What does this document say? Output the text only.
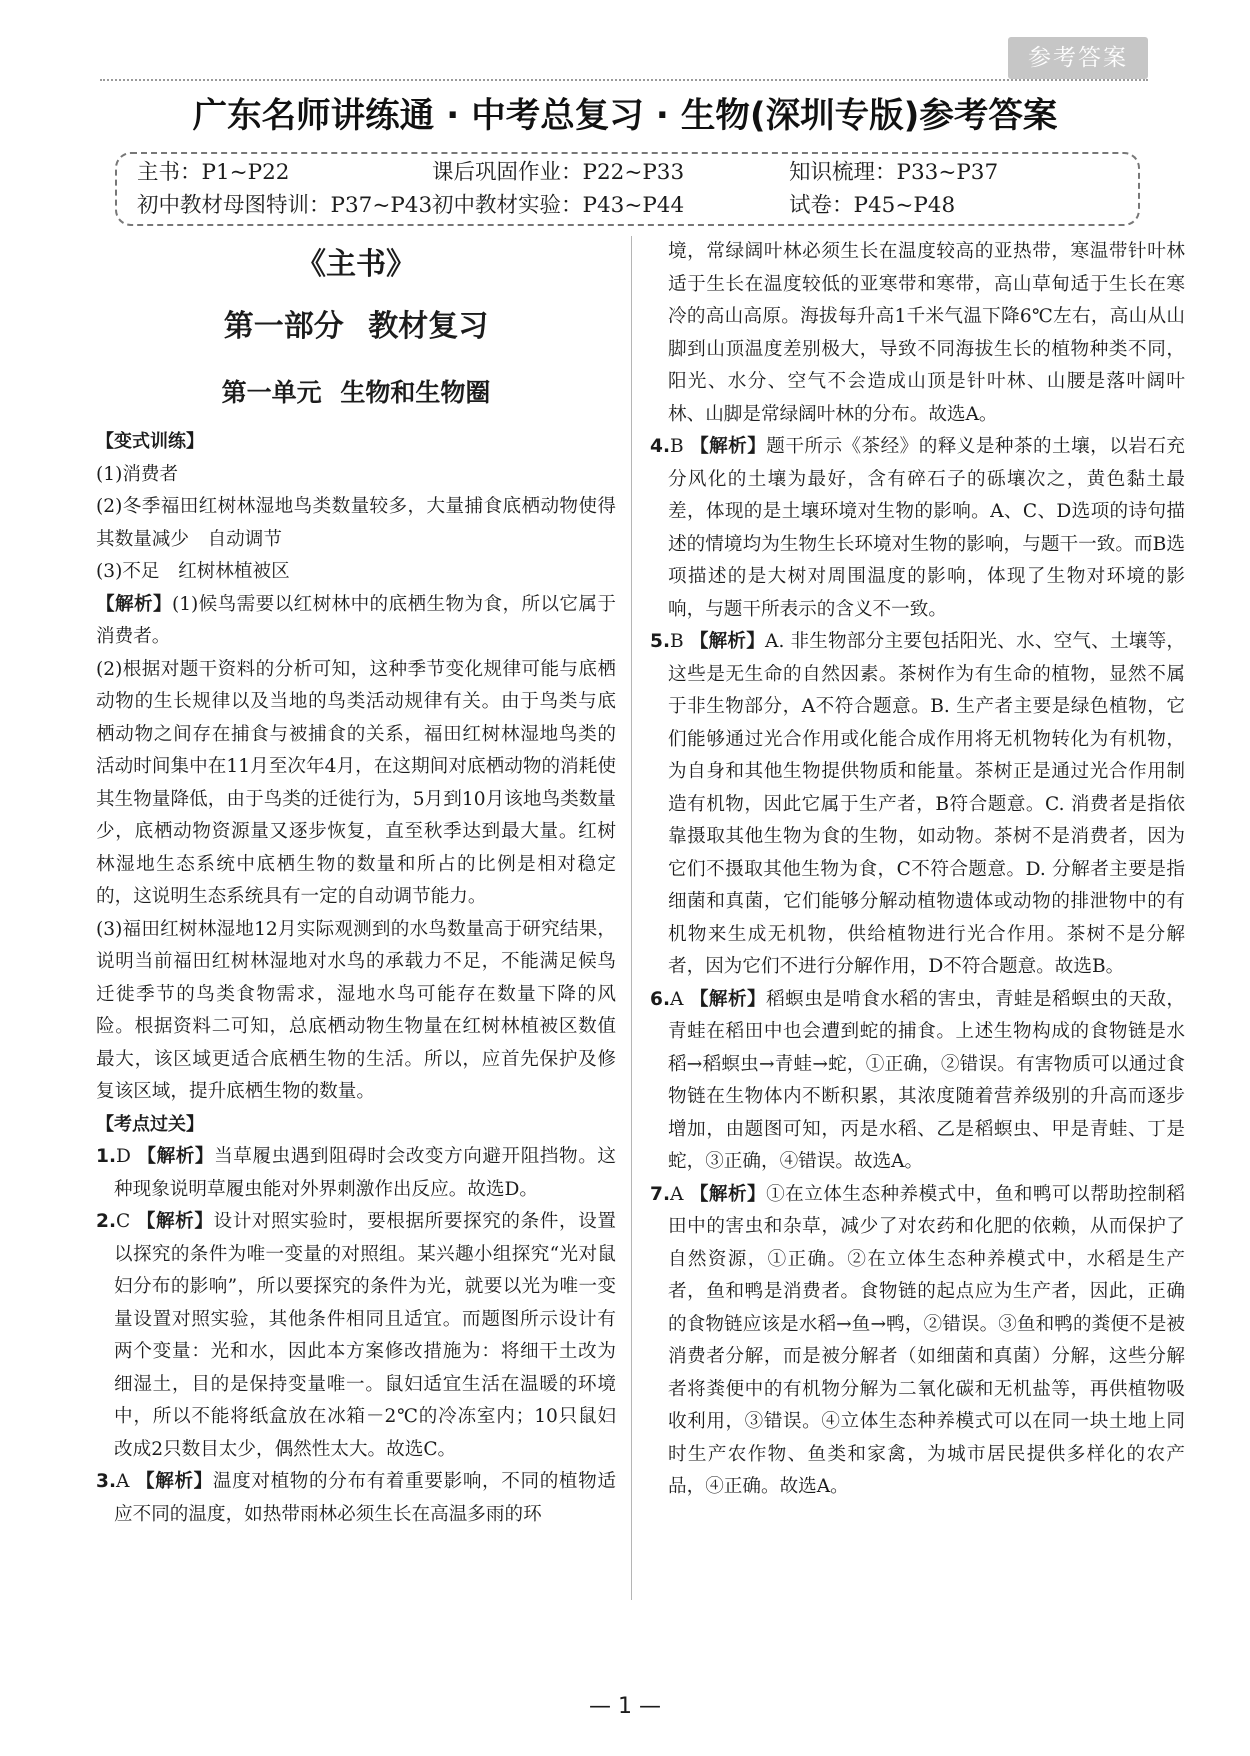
参考答案
广东名师讲练通 · 中考总复习 · 生物(深圳专版)参考答案
主书：P1~P22	课后巩固作业：P22~P33	知识梳理：P33~P37
初中教材母图特训：P37~P43 初中教材实验：P43~P44	试卷：P45~P48

《主书》

第一部分 教材复习

第一单元 生物和生物圈

【变式训练】

(1)消费者

(2)冬季福田红树林湿地鸟类数量较多，大量捕食底栖动物使得其数量减少　自动调节

(3)不足　红树林植被区

【解析】(1)候鸟需要以红树林中的底栖生物为食，所以它属于消费者。

(2)根据对题干资料的分析可知，这种季节变化规律可能与底栖动物的生长规律以及当地的鸟类活动规律有关。由于鸟类与底栖动物之间存在捕食与被捕食的关系，福田红树林湿地鸟类的活动时间集中在11月至次年4月，在这期间对底栖动物的消耗使其生物量降低，由于鸟类的迁徙行为，5月到10月该地鸟类数量少，底栖动物资源量又逐步恢复，直至秋季达到最大量。红树林湿地生态系统中底栖生物的数量和所占的比例是相对稳定的，这说明生态系统具有一定的自动调节能力。

(3)福田红树林湿地12月实际观测到的水鸟数量高于研究结果，说明当前福田红树林湿地对水鸟的承载力不足，不能满足候鸟迁徙季节的鸟类食物需求，湿地水鸟可能存在数量下降的风险。根据资料二可知，总底栖动物生物量在红树林植被区数值最大，该区域更适合底栖生物的生活。所以，应首先保护及修复该区域，提升底栖生物的数量。

【考点过关】

1.D 【解析】当草履虫遇到阻碍时会改变方向避开阻挡物。这种现象说明草履虫能对外界刺激作出反应。故选D。

2.C 【解析】设计对照实验时，要根据所要探究的条件，设置以探究的条件为唯一变量的对照组。某兴趣小组探究“光对鼠妇分布的影响”，所以要探究的条件为光，就要以光为唯一变量设置对照实验，其他条件相同且适宜。而题图所示设计有两个变量：光和水，因此本方案修改措施为：将细干土改为细湿土，目的是保持变量唯一。鼠妇适宜生活在温暖的环境中，所以不能将纸盒放在冰箱－2℃的冷冻室内；10只鼠妇改成2只数目太少，偶然性太大。故选C。

3.A 【解析】温度对植物的分布有着重要影响，不同的植物适应不同的温度，如热带雨林必须生长在高温多雨的环

境，常绿阔叶林必须生长在温度较高的亚热带，寒温带针叶林适于生长在温度较低的亚寒带和寒带，高山草甸适于生长在寒冷的高山高原。海拔每升高1千米气温下降6℃左右，高山从山脚到山顶温度差别极大，导致不同海拔生长的植物种类不同，阳光、水分、空气不会造成山顶是针叶林、山腰是落叶阔叶林、山脚是常绿阔叶林的分布。故选A。

4.B 【解析】题干所示《茶经》的释义是种茶的土壤，以岩石充分风化的土壤为最好，含有碎石子的砾壤次之，黄色黏土最差，体现的是土壤环境对生物的影响。A、C、D选项的诗句描述的情境均为生物生长环境对生物的影响，与题干一致。而B选项描述的是大树对周围温度的影响，体现了生物对环境的影响，与题干所表示的含义不一致。

5.B 【解析】A. 非生物部分主要包括阳光、水、空气、土壤等，这些是无生命的自然因素。茶树作为有生命的植物，显然不属于非生物部分，A不符合题意。B. 生产者主要是绿色植物，它们能够通过光合作用或化能合成作用将无机物转化为有机物，为自身和其他生物提供物质和能量。茶树正是通过光合作用制造有机物，因此它属于生产者，B符合题意。C. 消费者是指依靠摄取其他生物为食的生物，如动物。茶树不是消费者，因为它们不摄取其他生物为食，C不符合题意。D. 分解者主要是指细菌和真菌，它们能够分解动植物遗体或动物的排泄物中的有机物来生成无机物，供给植物进行光合作用。茶树不是分解者，因为它们不进行分解作用，D不符合题意。故选B。

6.A 【解析】稻螟虫是啃食水稻的害虫，青蛙是稻螟虫的天敌，青蛙在稻田中也会遭到蛇的捕食。上述生物构成的食物链是水稻→稻螟虫→青蛙→蛇，①正确，②错误。有害物质可以通过食物链在生物体内不断积累，其浓度随着营养级别的升高而逐步增加，由题图可知，丙是水稻、乙是稻螟虫、甲是青蛙、丁是蛇，③正确，④错误。故选A。

7.A 【解析】①在立体生态种养模式中，鱼和鸭可以帮助控制稻田中的害虫和杂草，减少了对农药和化肥的依赖，从而保护了自然资源，①正确。②在立体生态种养模式中，水稻是生产者，鱼和鸭是消费者。食物链的起点应为生产者，因此，正确的食物链应该是水稻→鱼→鸭，②错误。③鱼和鸭的粪便不是被消费者分解，而是被分解者（如细菌和真菌）分解，这些分解者将粪便中的有机物分解为二氧化碳和无机盐等，再供植物吸收利用，③错误。④立体生态种养模式可以在同一块土地上同时生产农作物、鱼类和家禽，为城市居民提供多样化的农产品，④正确。故选A。

— 1 —
